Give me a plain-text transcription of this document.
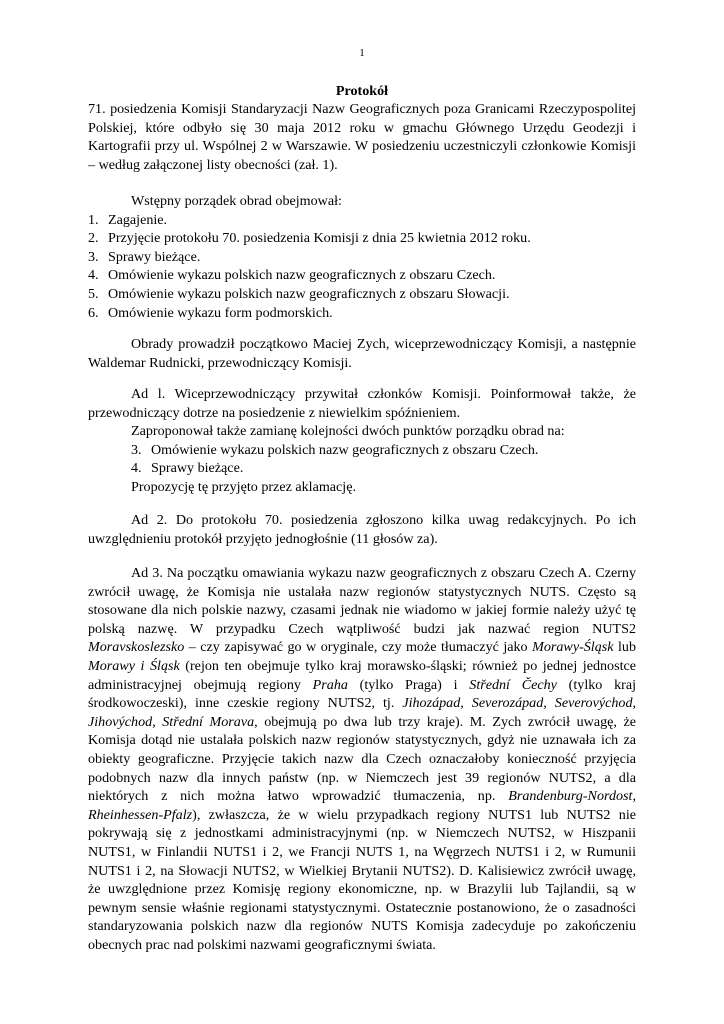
1
Protokół

71. posiedzenia Komisji Standaryzacji Nazw Geograficznych poza Granicami Rzeczypospolitej Polskiej, które odbyło się 30 maja 2012 roku w gmachu Głównego Urzędu Geodezji i Kartografii przy ul. Wspólnej 2 w Warszawie. W posiedzeniu uczestniczyli członkowie Komisji – według załączonej listy obecności (zał. 1).

Wstępny porządek obrad obejmował:

1. Zagajenie.
2. Przyjęcie protokołu 70. posiedzenia Komisji z dnia 25 kwietnia 2012 roku.
3. Sprawy bieżące.
4. Omówienie wykazu polskich nazw geograficznych z obszaru Czech.
5. Omówienie wykazu polskich nazw geograficznych z obszaru Słowacji.
6. Omówienie wykazu form podmorskich.

Obrady prowadził początkowo Maciej Zych, wiceprzewodniczący Komisji, a następnie Waldemar Rudnicki, przewodniczący Komisji.

Ad l. Wiceprzewodniczący przywitał członków Komisji. Poinformował także, że przewodniczący dotrze na posiedzenie z niewielkim spóźnieniem.

Zaproponował także zamianę kolejności dwóch punktów porządku obrad na:

3. Omówienie wykazu polskich nazw geograficznych z obszaru Czech.
4. Sprawy bieżące.

Propozycję tę przyjęto przez aklamację.

Ad 2. Do protokołu 70. posiedzenia zgłoszono kilka uwag redakcyjnych. Po ich uwzględnieniu protokół przyjęto jednogłośnie (11 głosów za).

Ad 3. Na początku omawiania wykazu nazw geograficznych z obszaru Czech A. Czerny zwrócił uwagę, że Komisja nie ustalała nazw regionów statystycznych NUTS. Często są stosowane dla nich polskie nazwy, czasami jednak nie wiadomo w jakiej formie należy użyć tę polską nazwę. W przypadku Czech wątpliwość budzi jak nazwać region NUTS2 Moravskoslezsko – czy zapisywać go w oryginale, czy może tłumaczyć jako Morawy-Śląsk lub Morawy i Śląsk (rejon ten obejmuje tylko kraj morawsko-śląski; również po jednej jednostce administracyjnej obejmują regiony Praha (tylko Praga) i Střední Čechy (tylko kraj środkowoczeski), inne czeskie regiony NUTS2, tj. Jihozápad, Severozápad, Severovýchod, Jihovýchod, Střední Morava, obejmują po dwa lub trzy kraje). M. Zych zwrócił uwagę, że Komisja dotąd nie ustalała polskich nazw regionów statystycznych, gdyż nie uznawała ich za obiekty geograficzne. Przyjęcie takich nazw dla Czech oznaczałoby konieczność przyjęcia podobnych nazw dla innych państw (np. w Niemczech jest 39 regionów NUTS2, a dla niektórych z nich można łatwo wprowadzić tłumaczenia, np. Brandenburg-Nordost, Rheinhessen-Pfalz), zwłaszcza, że w wielu przypadkach regiony NUTS1 lub NUTS2 nie pokrywają się z jednostkami administracyjnymi (np. w Niemczech NUTS2, w Hiszpanii NUTS1, w Finlandii NUTS1 i 2, we Francji NUTS 1, na Węgrzech NUTS1 i 2, w Rumunii NUTS1 i 2, na Słowacji NUTS2, w Wielkiej Brytanii NUTS2). D. Kalisiewicz zwrócił uwagę, że uwzględnione przez Komisję regiony ekonomiczne, np. w Brazylii lub Tajlandii, są w pewnym sensie właśnie regionami statystycznymi. Ostatecznie postanowiono, że o zasadności standaryzowania polskich nazw dla regionów NUTS Komisja zadecyduje po zakończeniu obecnych prac nad polskimi nazwami geograficznymi świata.
